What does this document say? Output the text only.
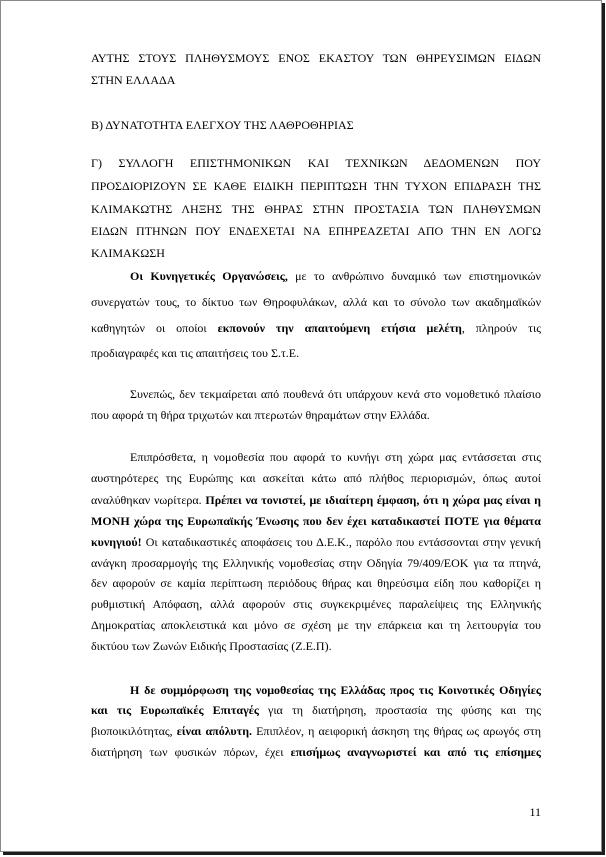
ΑΥΤΗΣ ΣΤΟΥΣ ΠΛΗΘΥΣΜΟΥΣ ΕΝΟΣ ΕΚΑΣΤΟΥ ΤΩΝ ΘΗΡΕΥΣΙΜΩΝ ΕΙΔΩΝ
ΣΤΗΝ ΕΛΛΑΔΑ
Β) ΔΥΝΑΤΟΤΗΤΑ ΕΛΕΓΧΟΥ ΤΗΣ ΛΑΘΡΟΘΗΡΙΑΣ
Γ) ΣΥΛΛΟΓΗ ΕΠΙΣΤΗΜΟΝΙΚΩΝ ΚΑΙ ΤΕΧΝΙΚΩΝ ΔΕΔΟΜΕΝΩΝ ΠΟΥ
ΠΡΟΣΔΙΟΡΙΖΟΥΝ ΣΕ ΚΑΘΕ ΕΙΔΙΚΗ ΠΕΡΙΠΤΩΣΗ ΤΗΝ ΤΥΧΟΝ ΕΠΙΔΡΑΣΗ ΤΗΣ
ΚΛΙΜΑΚΩΤΗΣ ΛΗΞΗΣ ΤΗΣ ΘΗΡΑΣ ΣΤΗΝ ΠΡΟΣΤΑΣΙΑ ΤΩΝ ΠΛΗΘΥΣΜΩΝ
ΕΙΔΩΝ ΠΤΗΝΩΝ ΠΟΥ ΕΝΔΕΧΕΤΑΙ ΝΑ ΕΠΗΡΕΑΖΕΤΑΙ ΑΠΟ ΤΗΝ ΕΝ ΛΟΓΩ
ΚΛΙΜΑΚΩΣΗ
Οι Κυνηγετικές Οργανώσεις, με το ανθρώπινο δυναμικό των επιστημονικών
συνεργατών τους, το δίκτυο των Θηροφυλάκων, αλλά και το σύνολο των ακαδημαϊκών
καθηγητών οι οποίοι εκπονούν την απαιτούμενη ετήσια μελέτη, πληρούν τις
προδιαγραφές και τις απαιτήσεις του Σ.τ.Ε.
Συνεπώς, δεν τεκμαίρεται από πουθενά ότι υπάρχουν κενά στο νομοθετικό πλαίσιο
που αφορά τη θήρα τριχωτών και πτερωτών θηραμάτων στην Ελλάδα.
Επιπρόσθετα, η νομοθεσία που αφορά το κυνήγι στη χώρα μας εντάσσεται στις
αυστηρότερες της Ευρώπης και ασκείται κάτω από πλήθος περιορισμών, όπως αυτοί
αναλύθηκαν νωρίτερα. Πρέπει να τονιστεί, με ιδιαίτερη έμφαση, ότι η χώρα μας είναι η
ΜΟΝΗ χώρα της Ευρωπαϊκής Ένωσης που δεν έχει καταδικαστεί ΠΟΤΕ για θέματα
κυνηγιού! Οι καταδικαστικές αποφάσεις του Δ.Ε.Κ., παρόλο που εντάσσονται στην γενική
ανάγκη προσαρμογής της Ελληνικής νομοθεσίας στην Οδηγία 79/409/ΕΟΚ για τα πτηνά,
δεν αφορούν σε καμία περίπτωση περιόδους θήρας και θηρεύσιμα είδη που καθορίζει η
ρυθμιστική Απόφαση, αλλά αφορούν στις συγκεκριμένες παραλείψεις της Ελληνικής
Δημοκρατίας αποκλειστικά και μόνο σε σχέση με την επάρκεια και τη λειτουργία του
δικτύου των Ζωνών Ειδικής Προστασίας (Ζ.Ε.Π).
Η δε συμμόρφωση της νομοθεσίας της Ελλάδας προς τις Κοινοτικές Οδηγίες
και τις Ευρωπαϊκές Επιταγές για τη διατήρηση, προστασία της φύσης και της
βιοποικιλότητας, είναι απόλυτη. Επιπλέον, η αειφορική άσκηση της θήρας ως αρωγός στη
διατήρηση των φυσικών πόρων, έχει επισήμως αναγνωριστεί και από τις επίσημες
11
